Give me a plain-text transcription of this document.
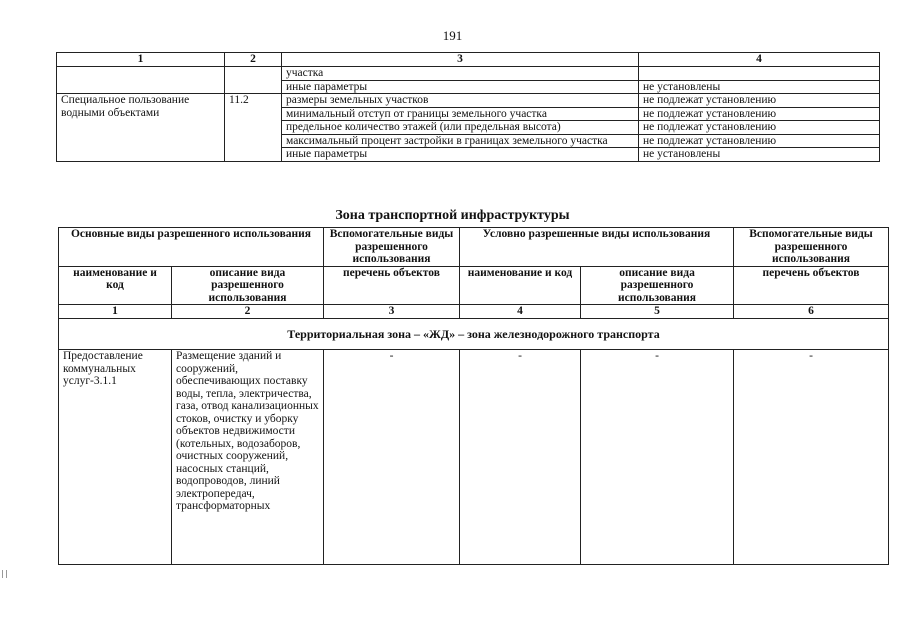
191
1	2	3	4
		участка	
		иные параметры	не установлены
Специальное пользование водными объектами	11.2	размеры земельных участков	не подлежат установлению
		минимальный отступ от границы земельного участка	не подлежат установлению
		предельное количество этажей (или предельная высота)	не подлежат установлению
		максимальный процент застройки в границах земельного участка	не подлежат установлению
		иные параметры	не установлены
Зона транспортной инфраструктуры
Основные виды разрешенного использования		Вспомогательные виды разрешенного использования	Условно разрешенные виды использования		Вспомогательные виды разрешенного использования
наименование и код	описание вида разрешенного использования	перечень объектов	наименование и код	описание вида разрешенного использования	перечень объектов
1	2	3	4	5	6
Территориальная зона – «ЖД» – зона железнодорожного транспорта					
Предоставление коммунальных услуг-3.1.1	Размещение зданий и сооружений, обеспечивающих поставку воды, тепла, электричества, газа, отвод канализационных стоков, очистку и уборку объектов недвижимости (котельных, водозаборов, очистных сооружений, насосных станций, водопроводов, линий электропередач, трансформаторных	-	-	-	-
